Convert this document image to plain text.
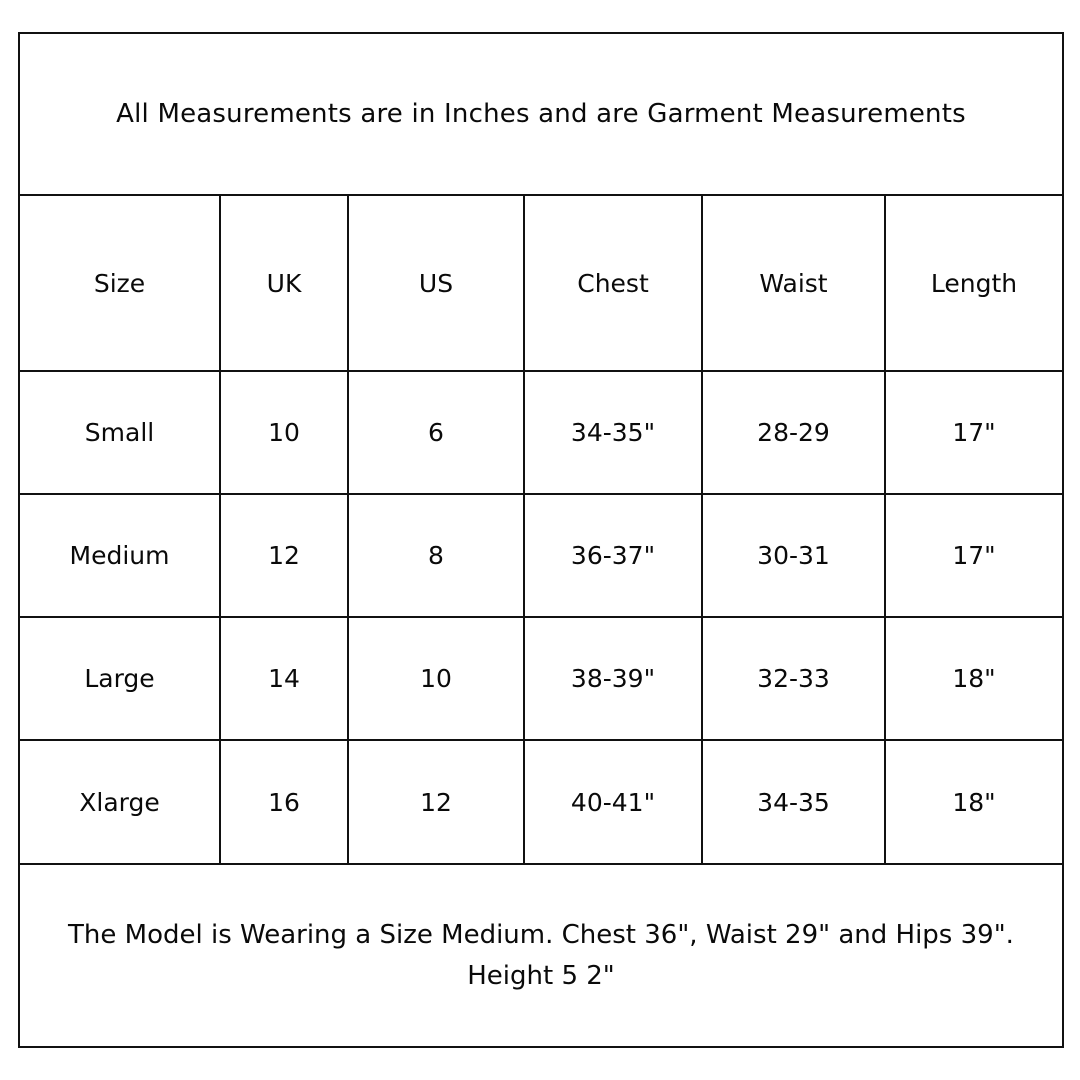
All Measurements are in Inches and are Garment Measurements
Size	UK	US	Chest	Waist	Length
Small	10	6	34-35"	28-29	17"
Medium	12	8	36-37"	30-31	17"
Large	14	10	38-39"	32-33	18"
Xlarge	16	12	40-41"	34-35	18"
The Model is Wearing a Size Medium. Chest 36", Waist 29" and Hips 39". Height 5 2"
